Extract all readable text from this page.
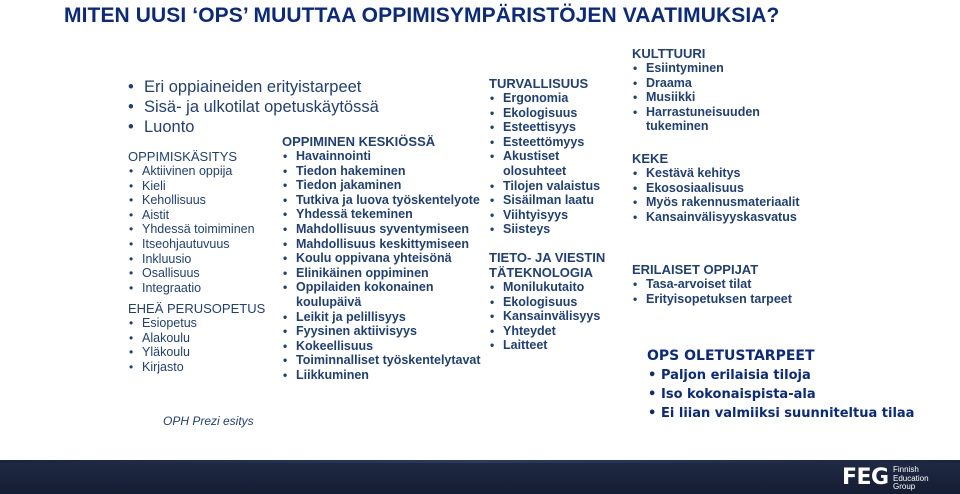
MITEN UUSI ‘OPS’ MUUTTAA OPPIMISYMPÄRISTÖJEN VAATIMUKSIA?
• Eri oppiaineiden erityistarpeet
• Sisä- ja ulkotilat opetuskäytössä
• Luonto
OPPIMISKÄSITYS
• Aktiivinen oppija
• Kieli
• Kehollisuus
• Aistit
• Yhdessä toimiminen
• Itseohjautuvuus
• Inkluusio
• Osallisuus
• Integraatio
EHEÄ PERUSOPETUS
• Esiopetus
• Alakoulu
• Yläkoulu
• Kirjasto
OPH Prezi esitys
OPPIMINEN KESKIÖSSÄ
• Havainnointi
• Tiedon hakeminen
• Tiedon jakaminen
• Tutkiva ja luova työskentelyote
• Yhdessä tekeminen
• Mahdollisuus syventymiseen
• Mahdollisuus keskittymiseen
• Koulu oppivana yhteisönä
• Elinikäinen oppiminen
• Oppilaiden kokonainen koulupäivä
• Leikit ja pelillisyys
• Fyysinen aktiivisyys
• Kokeellisuus
• Toiminnalliset työskentelytavat
• Liikkuminen
TURVALLISUUS
• Ergonomia
• Ekologisuus
• Esteettisyys
• Esteettömyys
• Akustiset olosuhteet
• Tilojen valaistus
• Sisäilman laatu
• Viihtyisyys
• Siisteys
TIETO- JA VIESTINTÄTEKNOLOGIA
• Monilukutaito
• Ekologisuus
• Kansainvälisyys
• Yhteydet
• Laitteet
KULTTUURI
• Esiintyminen
• Draama
• Musiikki
• Harrastuneisuuden tukeminen
KEKE
• Kestävä kehitys
• Ekososiaalisuus
• Myös rakennusmateriaalit
• Kansainvälisyyskasvatus
ERILAISET OPPIJAT
• Tasa-arvoiset tilat
• Erityisopetuksen tarpeet
OPS OLETUSTARPEET
• Paljon erilaisia tiloja
• Iso kokonaispista-ala
• Ei liian valmiiksi suunniteltua tilaa
FEG Finnish
Education
Group
